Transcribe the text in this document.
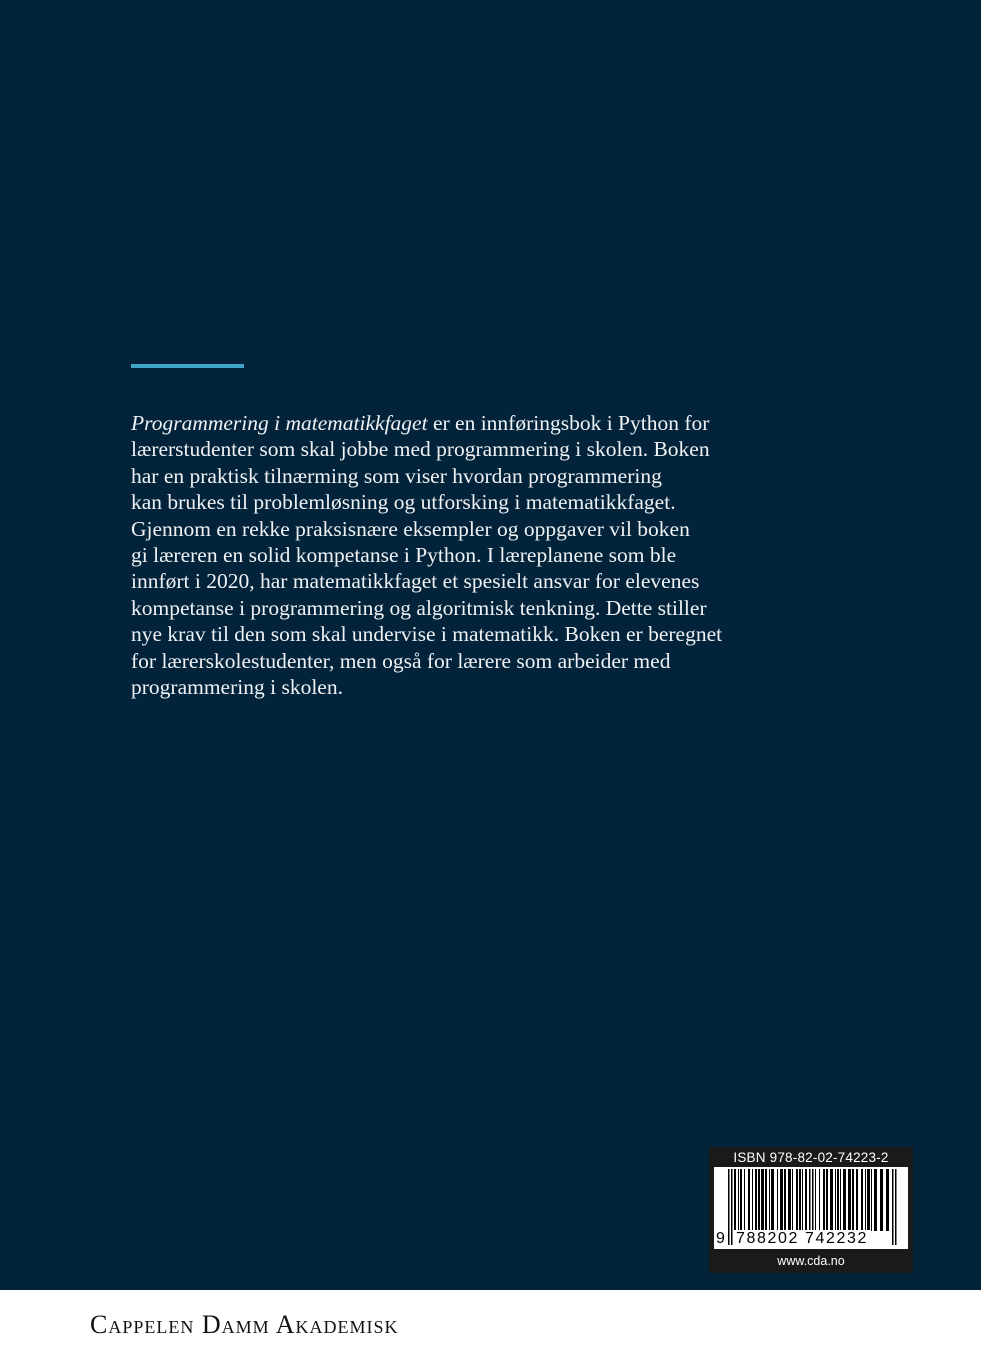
Programmering i matematikkfaget er en innføringsbok i Python for
lærerstudenter som skal jobbe med programmering i skolen. Boken
har en praktisk tilnærming som viser hvordan programmering
kan brukes til problemløsning og utforsking i matematikkfaget.
Gjennom en rekke praksisnære eksempler og oppgaver vil boken
gi læreren en solid kompetanse i Python. I læreplanene som ble
innført i 2020, har matematikkfaget et spesielt ansvar for elevenes
kompetanse i programmering og algoritmisk tenkning. Dette stiller
nye krav til den som skal undervise i matematikk. Boken er beregnet
for lærerskolestudenter, men også for lærere som arbeider med
programmering i skolen.

ISBN 978-82-02-74223-2
9 788202 742232
www.cda.no

Cappelen Damm Akademisk
